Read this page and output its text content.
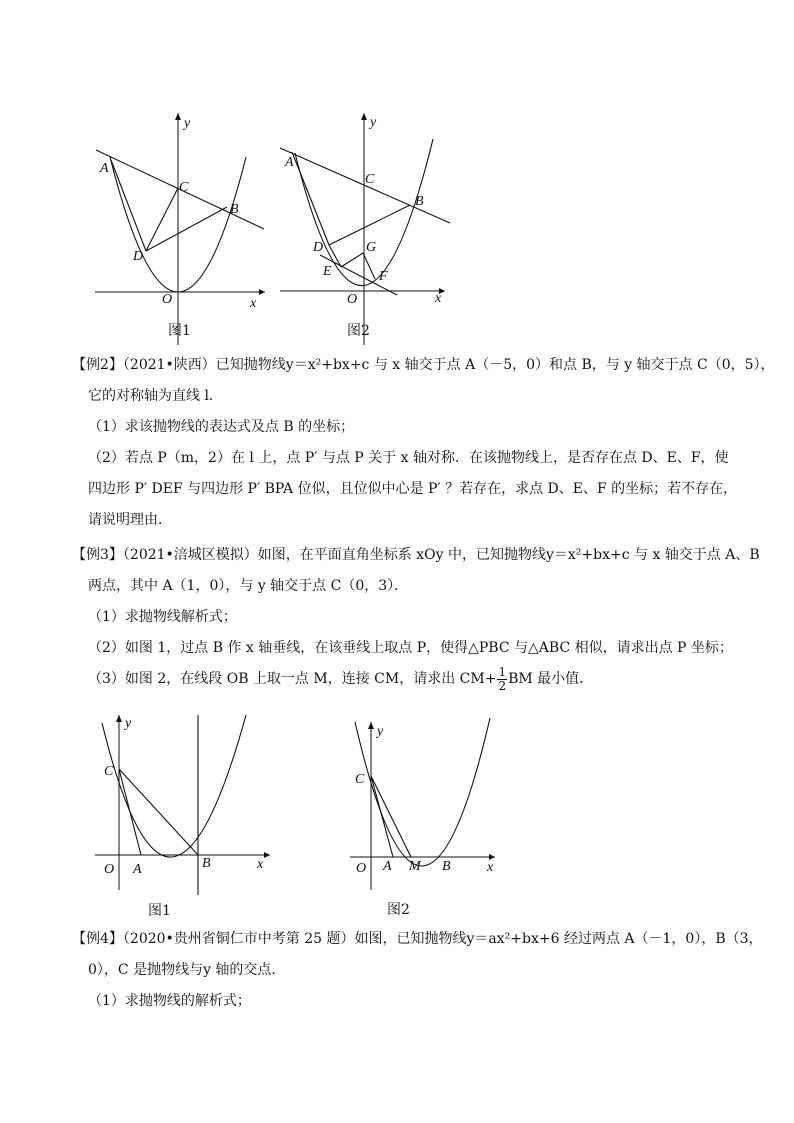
y
x
O
A
B
C
D
图1
y
x
O
A
B
C
D
E	F
G
图2
【例2】（2021•陕西）已知抛物线y＝x²+bx+c 与 x 轴交于点 A（－5，0）和点 B，与 y 轴交于点 C（0，5），
它的对称轴为直线 l．
（1）求该抛物线的表达式及点 B 的坐标；
（2）若点 P（m，2）在 l 上，点 P′ 与点 P 关于 x 轴对称．在该抛物线上，是否存在点 D、E、F，使
四边形 P′ DEF 与四边形 P′ BPA 位似，且位似中心是 P′ ？若存在，求点 D、E、F 的坐标；若不存在，
请说明理由．
【例3】（2021•涪城区模拟）如图，在平面直角坐标系 xOy 中，已知抛物线y＝x²+bx+c 与 x 轴交于点 A、B
两点，其中 A（1，0），与 y 轴交于点 C（0，3）．
（1）求抛物线解析式；
（2）如图 1，过点 B 作 x 轴垂线，在该垂线上取点 P，使得△PBC 与△ABC 相似，请求出点 P 坐标；
（3）如图 2，在线段 OB 上取一点 M，连接 CM，请求出 $CM+ \frac{1}{2}$ BM 最小值．
y
x
O A	B
C
图1
y
x
O A M B
C
图2
【例4】（2020•贵州省铜仁市中考第 25 题）如图，已知抛物线y＝ax²+bx+6 经过两点 A（－1，0），B（3，
0），C 是抛物线与y 轴的交点．
（1）求抛物线的解析式；
